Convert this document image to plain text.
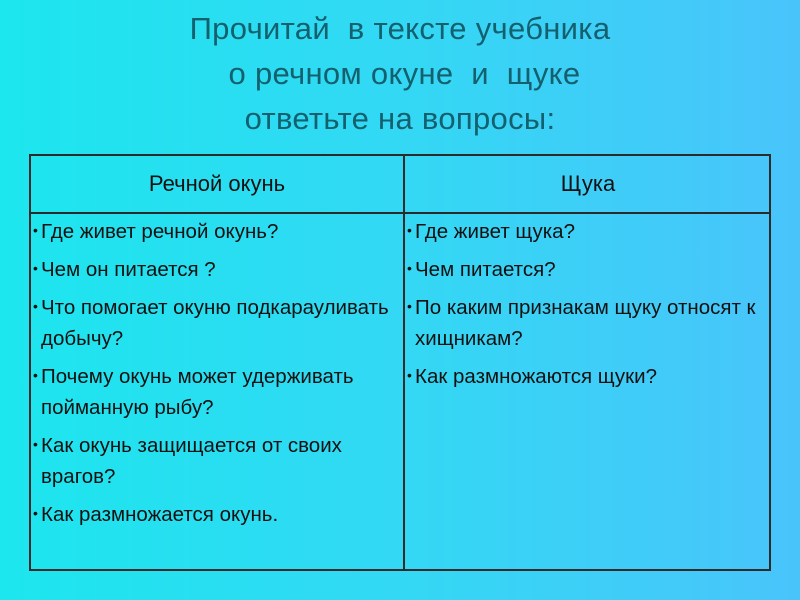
Прочитай  в тексте учебника
о речном окуне  и  щуке
ответьте на вопросы:
Речной окунь	Щука
• Где живет речной окунь?
• Чем он питается ?
• Что помогает окуню подкарауливать добычу?
• Почему окунь может удерживать пойманную рыбу?
• Как окунь защищается от своих врагов?
• Как размножается окунь.
• Где живет щука?
• Чем питается?
• По каким признакам щуку относят к хищникам?
• Как размножаются щуки?
